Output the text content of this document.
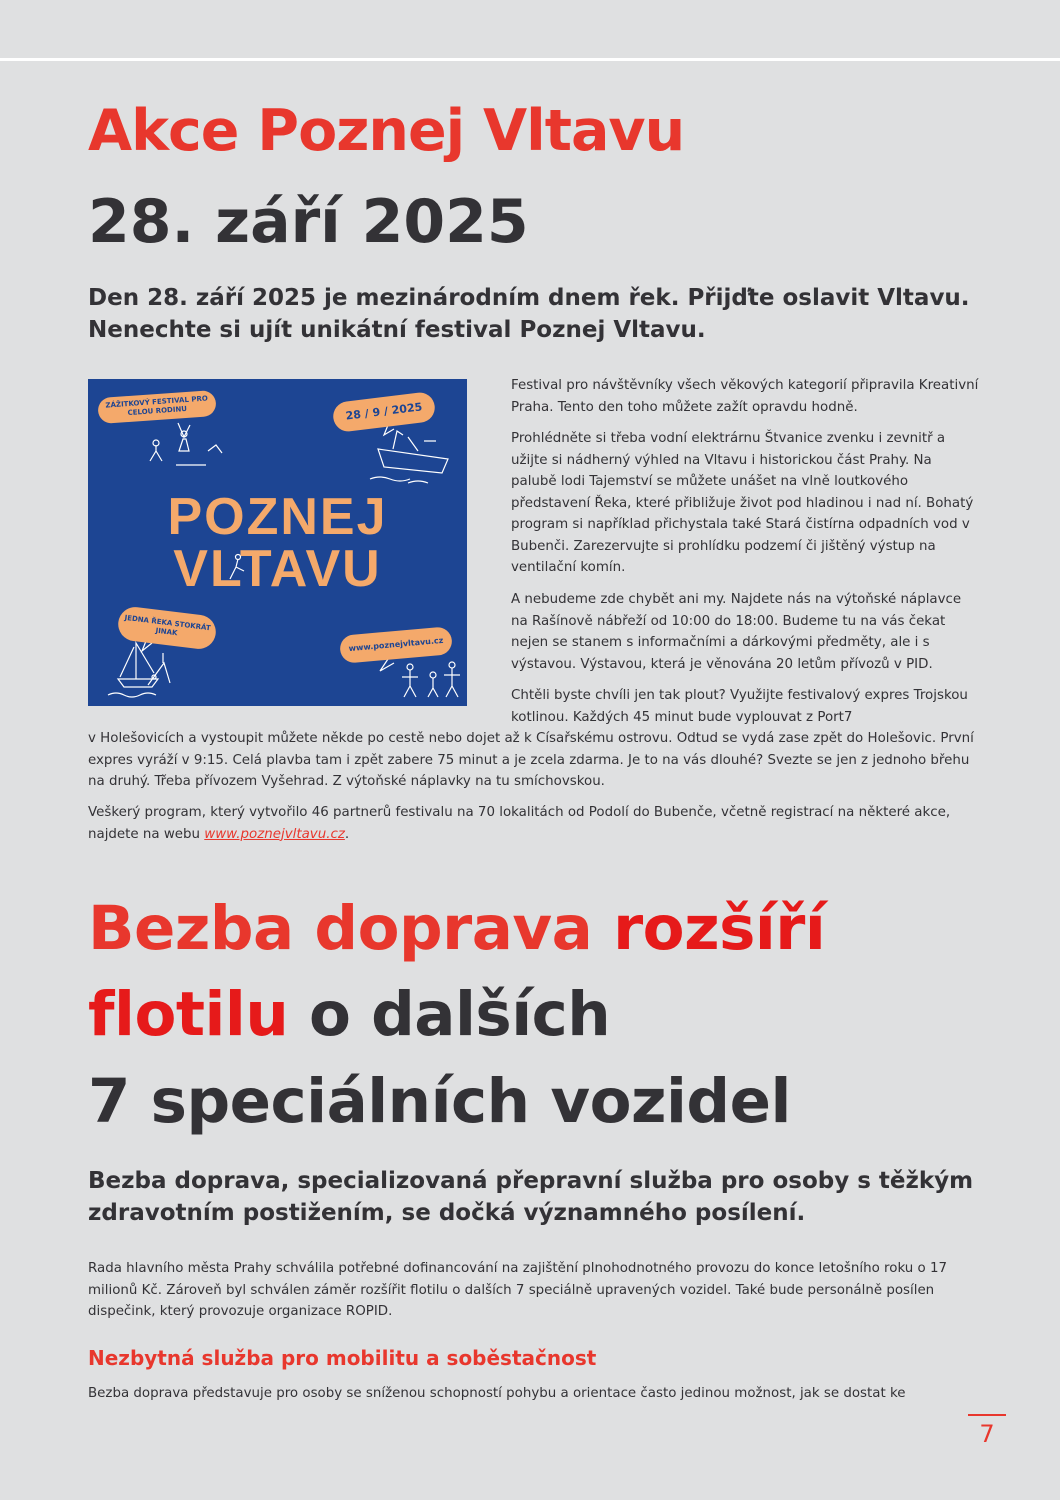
Akce Poznej Vltavu
28. září 2025

Den 28. září 2025 je mezinárodním dnem řek. Přijďte oslavit Vltavu. Nenechte si ujít unikátní festival Poznej Vltavu.

ZÁŽITKOVÝ FESTIVAL PRO CELOU RODINU	28 / 9 / 2025
POZNEJ
VLTAVU
JEDNA ŘEKA STOKRÁT JINAK
www.poznejvltavu.cz

Festival pro návštěvníky všech věkových kategorií připravila Kreativní Praha. Tento den toho můžete zažít opravdu hodně.

Prohlédněte si třeba vodní elektrárnu Štvanice zvenku i zevnitř a užijte si nádherný výhled na Vltavu i historickou část Prahy. Na palubě lodi Tajemství se můžete unášet na vlně loutkového představení Řeka, které přibližuje život pod hladinou i nad ní. Bohatý program si například přichystala také Stará čistírna odpadních vod v Bubenči. Zarezervujte si prohlídku podzemí či jištěný výstup na ventilační komín.

A nebudeme zde chybět ani my. Najdete nás na výtoňské náplavce na Rašínově nábřeží od 10:00 do 18:00. Budeme tu na vás čekat nejen se stanem s informačními a dárkovými předměty, ale i s výstavou. Výstavou, která je věnována 20 letům přívozů v PID.

Chtěli byste chvíli jen tak plout? Využijte festivalový expres Trojskou kotlinou. Každých 45 minut bude vyplouvat z Port7

v Holešovicích a vystoupit můžete někde po cestě nebo dojet až k Císařskému ostrovu. Odtud se vydá zase zpět do Holešovic. První expres vyráží v 9:15. Celá plavba tam i zpět zabere 75 minut a je zcela zdarma. Je to na vás dlouhé? Svezte se jen z jednoho břehu na druhý. Třeba přívozem Vyšehrad. Z výtoňské náplavky na tu smíchovskou.

Veškerý program, který vytvořilo 46 partnerů festivalu na 70 lokalitách od Podolí do Bubenče, včetně registrací na některé akce, najdete na webu www.poznejvltavu.cz.

Bezba doprava rozšíří
flotilu o dalších
7 speciálních vozidel

Bezba doprava, specializovaná přepravní služba pro osoby s těžkým zdravotním postižením, se dočká významného posílení.

Rada hlavního města Prahy schválila potřebné dofinancování na zajištění plnohodnotného provozu do konce letošního roku o 17 milionů Kč. Zároveň byl schválen záměr rozšířit flotilu o dalších 7 speciálně upravených vozidel. Také bude personálně posílen dispečink, který provozuje organizace ROPID.

Nezbytná služba pro mobilitu a soběstačnost

Bezba doprava představuje pro osoby se sníženou schopností pohybu a orientace často jedinou možnost, jak se dostat ke

7
